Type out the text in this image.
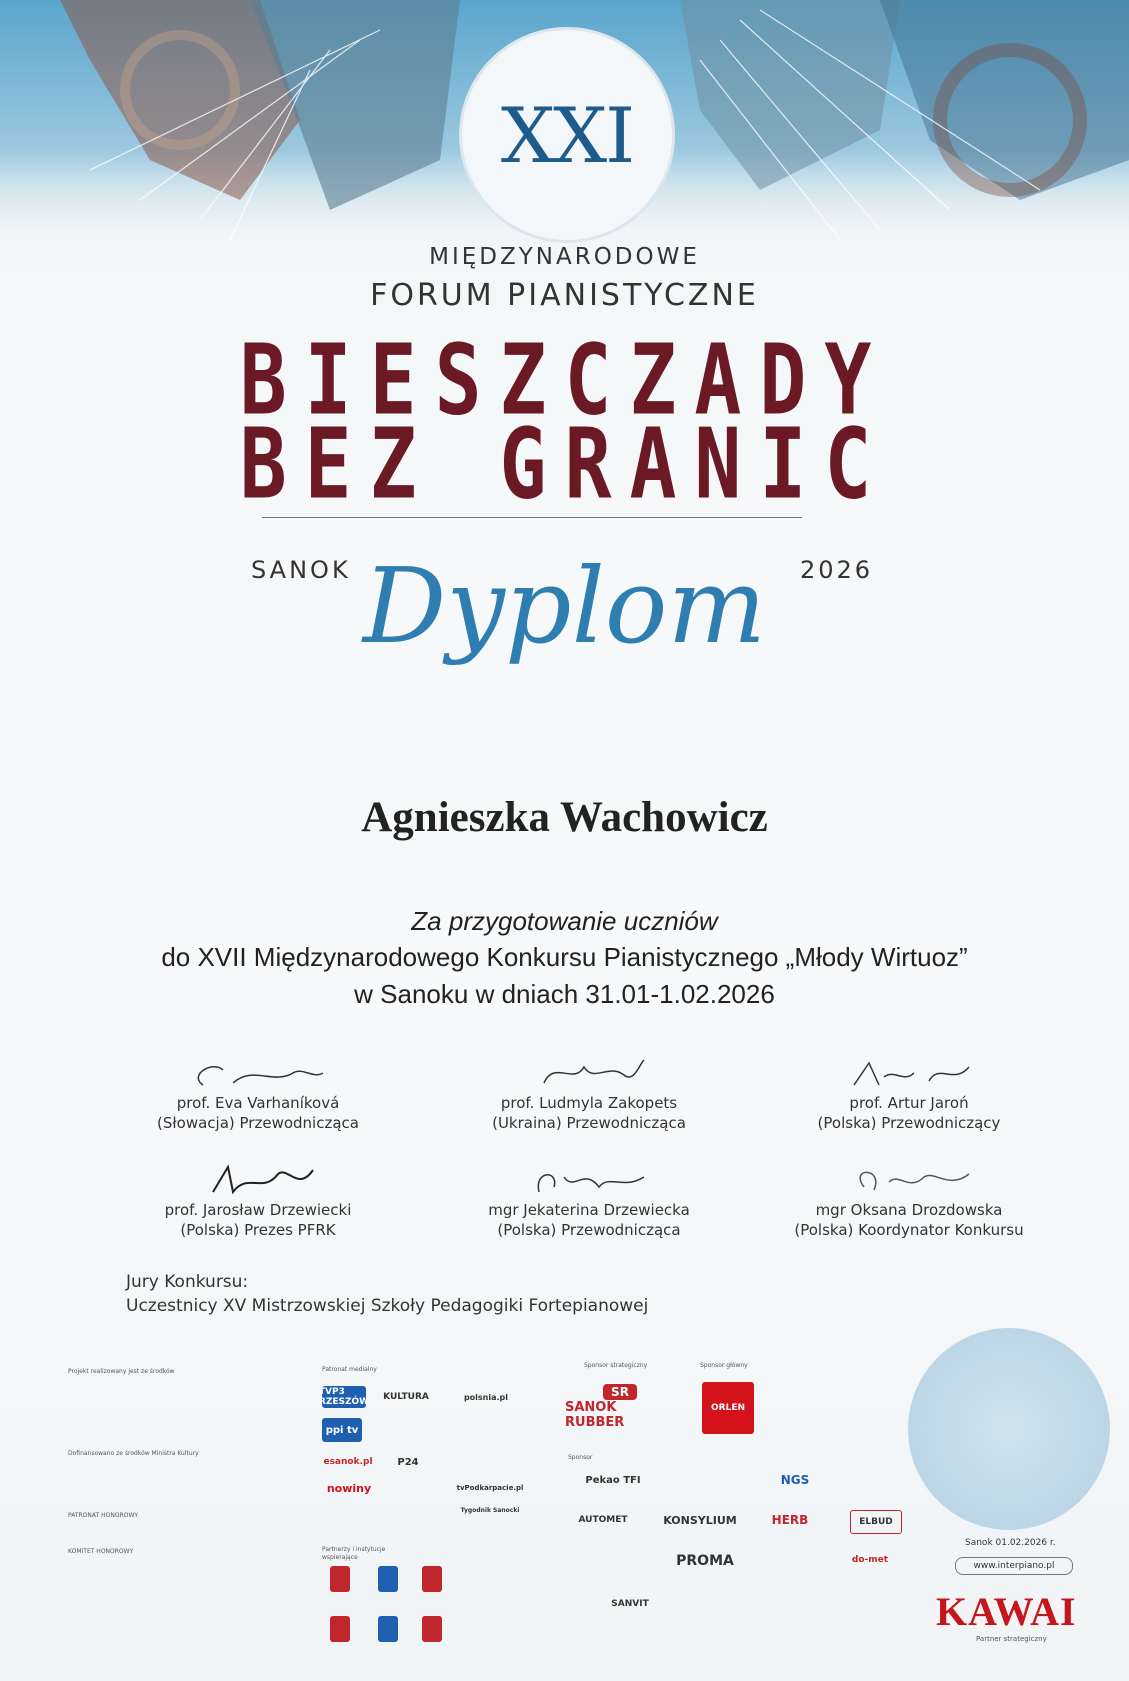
XXI
MIĘDZYNARODOWE
FORUM PIANISTYCZNE
BIESZCZADY
BEZ GRANIC
SANOK	2026
Dyplom
Agnieszka Wachowicz
Za przygotowanie uczniów
do XVII Międzynarodowego Konkursu Pianistycznego „Młody Wirtuoz”
w Sanoku w dniach 31.01-1.02.2026
prof. Eva Varhaníková
(Słowacja) Przewodnicząca
prof. Ludmyla Zakopets
(Ukraina) Przewodnicząca
prof. Artur Jaroń
(Polska) Przewodniczący
prof. Jarosław Drzewiecki
(Polska) Prezes PFRK
mgr Jekaterina Drzewiecka
(Polska) Przewodnicząca
mgr Oksana Drozdowska
(Polska) Koordynator Konkursu
Jury Konkursu:
Uczestnicy XV Mistrzowskiej Szkoły Pedagogiki Fortepianowej
Projekt realizowany jest ze środków
Dofinansowano ze środków Ministra Kultury
PATRONAT HONOROWY
KOMITET HONOROWY
Patronat medialny
Partnerzy i instytucje wspierające
Sponsor strategiczny	Sponsor główny
Sponsor
SR
SANOK RUBBER
ORLEN
TVP3 RZESZÓW	KULTURA	polsnia.pl
ppi tv
esanok.pl	P24
nowiny	tvPodkarpacie.pl
Tygodnik Sanocki
Pekao TFI	NGS
AUTOMET	KONSYLIUM	HERB	ELBUD
PROMA	do-met
SANVIT
Sanok 01.02.2026 r.
www.interpiano.pl
KAWAI
Partner strategiczny
